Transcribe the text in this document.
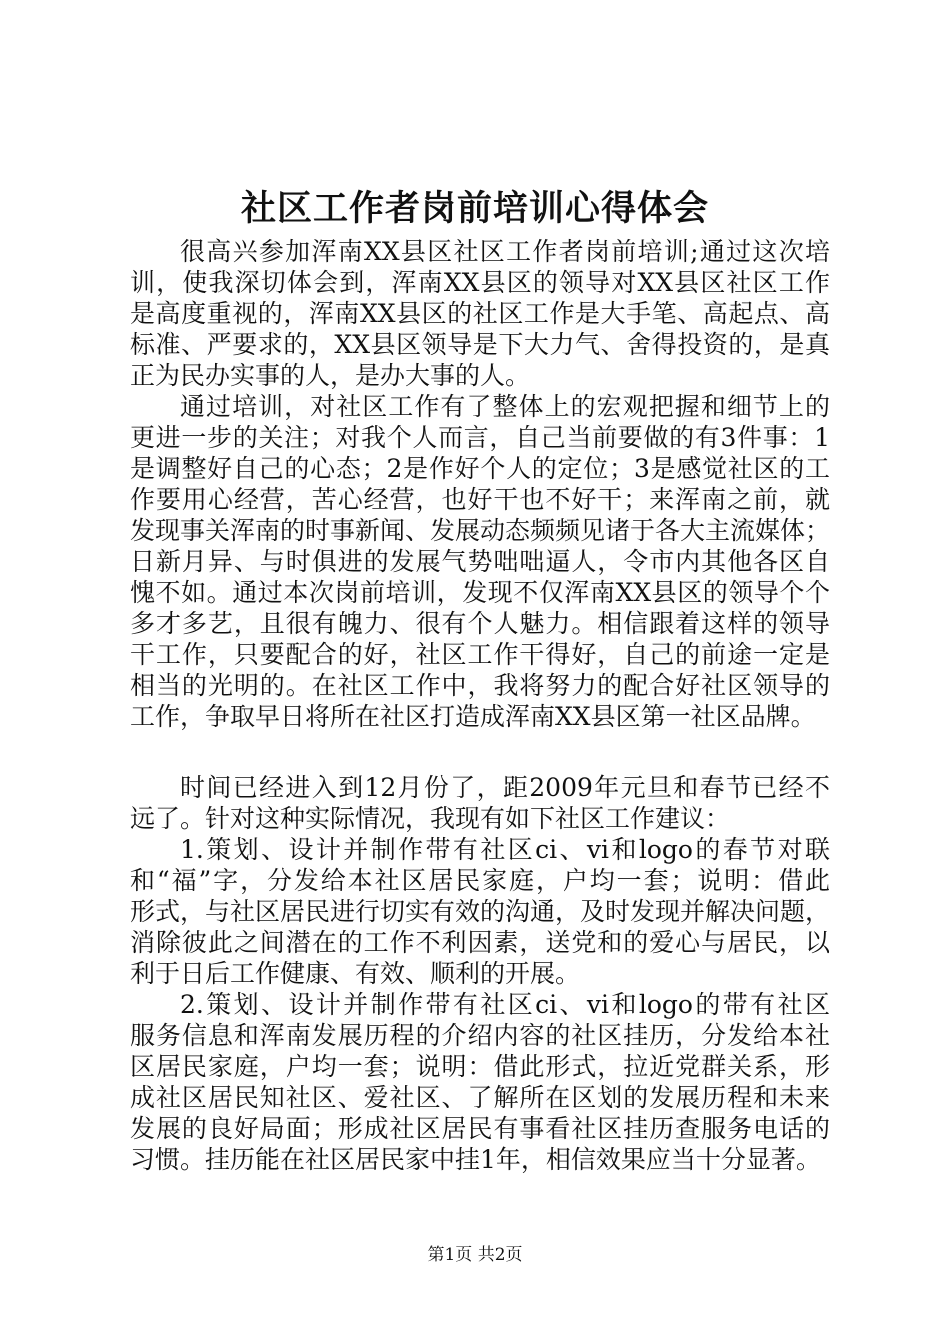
社区工作者岗前培训心得体会
很高兴参加浑南XX县区社区工作者岗前培训;通过这次培
训，使我深切体会到，浑南XX县区的领导对XX县区社区工作
是高度重视的，浑南XX县区的社区工作是大手笔、高起点、高
标准、严要求的，XX县区领导是下大力气、舍得投资的，是真
正为民办实事的人，是办大事的人。
通过培训，对社区工作有了整体上的宏观把握和细节上的
更进一步的关注；对我个人而言，自己当前要做的有3件事：1
是调整好自己的心态；2是作好个人的定位；3是感觉社区的工
作要用心经营，苦心经营，也好干也不好干；来浑南之前，就
发现事关浑南的时事新闻、发展动态频频见诸于各大主流媒体；
日新月异、与时俱进的发展气势咄咄逼人，令市内其他各区自
愧不如。通过本次岗前培训，发现不仅浑南XX县区的领导个个
多才多艺，且很有魄力、很有个人魅力。相信跟着这样的领导
干工作，只要配合的好，社区工作干得好，自己的前途一定是
相当的光明的。在社区工作中，我将努力的配合好社区领导的
工作，争取早日将所在社区打造成浑南XX县区第一社区品牌。
时间已经进入到12月份了，距2009年元旦和春节已经不
远了。针对这种实际情况，我现有如下社区工作建议：
1.策划、设计并制作带有社区ci、vi和logo的春节对联
和“福”字，分发给本社区居民家庭，户均一套；说明：借此
形式，与社区居民进行切实有效的沟通，及时发现并解决问题，
消除彼此之间潜在的工作不利因素，送党和的爱心与居民，以
利于日后工作健康、有效、顺利的开展。
2.策划、设计并制作带有社区ci、vi和logo的带有社区
服务信息和浑南发展历程的介绍内容的社区挂历，分发给本社
区居民家庭，户均一套；说明：借此形式，拉近党群关系，形
成社区居民知社区、爱社区、了解所在区划的发展历程和未来
发展的良好局面；形成社区居民有事看社区挂历查服务电话的
习惯。挂历能在社区居民家中挂1年，相信效果应当十分显著。
第1页 共2页
